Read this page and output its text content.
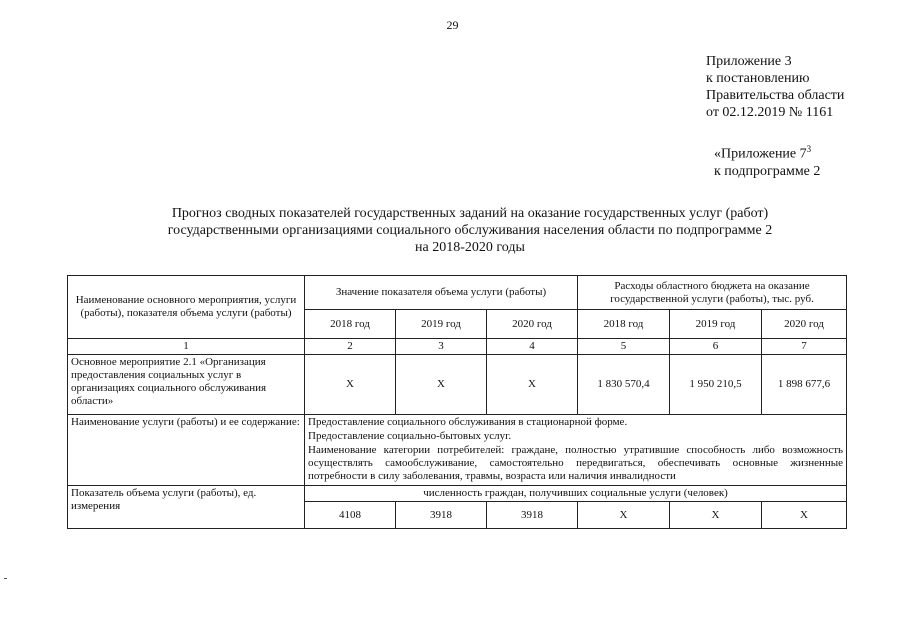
29
Приложение 3
к постановлению
Правительства области
от 02.12.2019 № 1161
«Приложение $7^3$
к подпрограмме 2
Прогноз сводных показателей государственных заданий на оказание государственных услуг (работ)
государственными организациями социального обслуживания населения области по подпрограмме 2
на 2018-2020 годы
Наименование основного мероприятия, услуги (работы), показателя объема услуги (работы)	Значение показателя объема услуги (работы)			Расходы областного бюджета на оказание государственной услуги (работы), тыс. руб.		
	2018 год	2019 год	2020 год	2018 год	2019 год	2020 год
1	2	3	4	5	6	7
Основное мероприятие 2.1 «Организация предоставления социальных услуг в организациях социального обслуживания области»	X	X	X	1 830 570,4	1 950 210,5	1 898 677,6
Наименование услуги (работы) и ее содержание:	Предоставление социального обслуживания в стационарной форме.
Предоставление социально-бытовых услуг.
Наименование категории потребителей: граждане, полностью утратившие способность либо возможность осуществлять самообслуживание, самостоятельно передвигаться, обеспечивать основные жизненные потребности в силу заболевания, травмы, возраста или наличия инвалидности					

Показатель объема услуги (работы), ед. измерения	численность граждан, получивших социальные услуги (человек)					
	4108	3918	3918	X	X	X
